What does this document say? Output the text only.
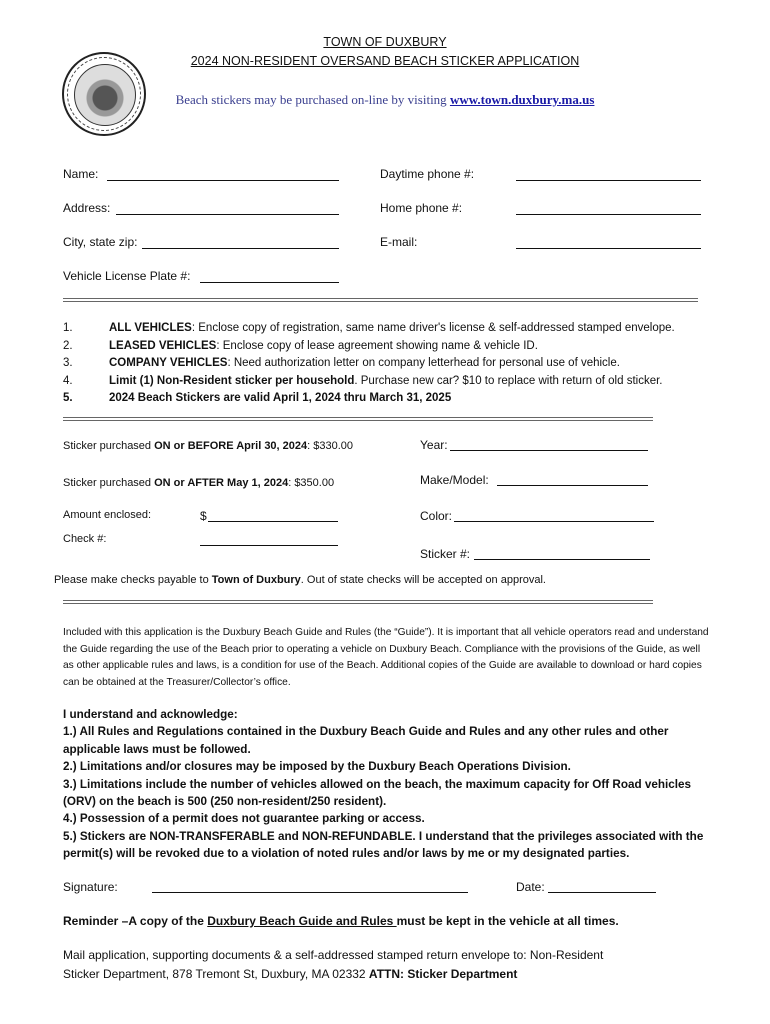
TOWN OF DUXBURY
2024 NON-RESIDENT OVERSAND BEACH STICKER APPLICATION
Beach stickers may be purchased on-line by visiting www.town.duxbury.ma.us
Name:
Address:
City, state zip:
Vehicle License Plate #:
Daytime phone #:
Home phone #:
E-mail:
1.	ALL VEHICLES: Enclose copy of registration, same name driver's license & self-addressed stamped envelope.
2.	LEASED VEHICLES: Enclose copy of lease agreement showing name & vehicle ID.
3.	COMPANY VEHICLES: Need authorization letter on company letterhead for personal use of vehicle.
4.	Limit (1) Non-Resident sticker per household. Purchase new car? $10 to replace with return of old sticker.
5.	2024 Beach Stickers are valid April 1, 2024 thru March 31, 2025
Sticker purchased ON or BEFORE April 30, 2024: $330.00
Sticker purchased ON or AFTER May 1, 2024: $350.00
Amount enclosed:	$
Check #:
Year:
Make/Model:
Color:
Sticker #:
Please make checks payable to Town of Duxbury. Out of state checks will be accepted on approval.
Included with this application is the Duxbury Beach Guide and Rules (the “Guide”). It is important that all vehicle operators read and understand the Guide regarding the use of the Beach prior to operating a vehicle on Duxbury Beach. Compliance with the provisions of the Guide, as well as other applicable rules and laws, is a condition for use of the Beach. Additional copies of the Guide are available to download or hard copies can be obtained at the Treasurer/Collector’s office.
I understand and acknowledge:
1.) All Rules and Regulations contained in the Duxbury Beach Guide and Rules and any other rules and other applicable laws must be followed.
2.) Limitations and/or closures may be imposed by the Duxbury Beach Operations Division.
3.) Limitations include the number of vehicles allowed on the beach, the maximum capacity for Off Road vehicles (ORV) on the beach is 500 (250 non-resident/250 resident).
4.) Possession of a permit does not guarantee parking or access.
5.) Stickers are NON-TRANSFERABLE and NON-REFUNDABLE. I understand that the privileges associated with the permit(s) will be revoked due to a violation of noted rules and/or laws by me or my designated parties.
Signature:	Date:
Reminder –A copy of the Duxbury Beach Guide and Rules must be kept in the vehicle at all times.
Mail application, supporting documents & a self-addressed stamped return envelope to: Non-Resident Sticker Department, 878 Tremont St, Duxbury, MA 02332 ATTN: Sticker Department
